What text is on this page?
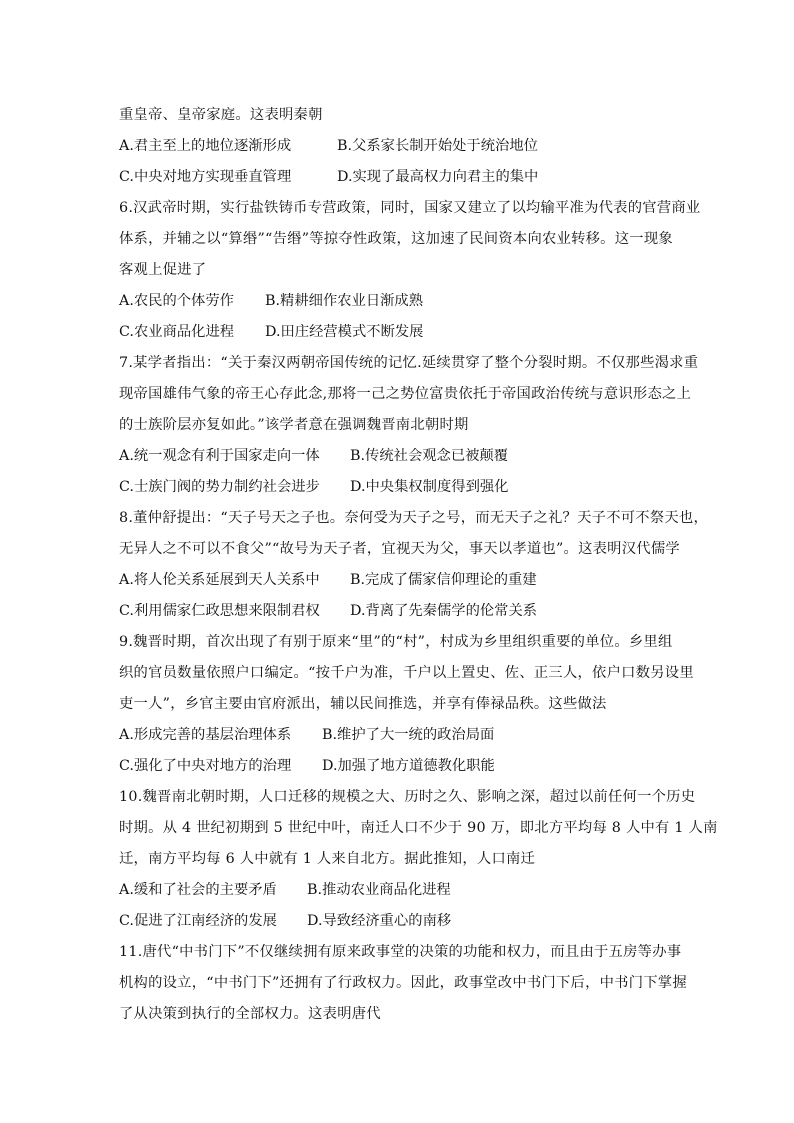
重皇帝、皇帝家庭。这表明秦朝
A.君主至上的地位逐渐形成	B.父系家长制开始处于统治地位
C.中央对地方实现垂直管理	D.实现了最高权力向君主的集中
6.汉武帝时期，实行盐铁铸币专营政策，同时，国家又建立了以均输平准为代表的官营商业
体系，并辅之以“算缗”“告缗”等掠夺性政策，这加速了民间资本向农业转移。这一现象
客观上促进了
A.农民的个体劳作 B.精耕细作农业日渐成熟
C.农业商品化进程 D.田庄经营模式不断发展
7.某学者指出：“关于秦汉两朝帝国传统的记忆.延续贯穿了整个分裂时期。不仅那些渴求重
现帝国雄伟气象的帝王心存此念,那将一己之势位富贵依托于帝国政治传统与意识形态之上
的士族阶层亦复如此。”该学者意在强调魏晋南北朝时期
A.统一观念有利于国家走向一体 B.传统社会观念已被颠覆
C.士族门阀的势力制约社会进步 D.中央集权制度得到强化
8.董仲舒提出：“天子号天之子也。奈何受为天子之号，而无天子之礼？天子不可不祭天也，
无异人之不可以不食父”“故号为天子者，宜视天为父，事天以孝道也”。这表明汉代儒学
A.将人伦关系延展到天人关系中 B.完成了儒家信仰理论的重建
C.利用儒家仁政思想来限制君权 D.背离了先秦儒学的伦常关系
9.魏晋时期，首次出现了有别于原来“里”的“村”，村成为乡里组织重要的单位。乡里组
织的官员数量依照户口编定。“按千户为准，千户以上置史、佐、正三人，依户口数另设里
吏一人”，乡官主要由官府派出，辅以民间推选，并享有俸禄品秩。这些做法
A.形成完善的基层治理体系 B.维护了大一统的政治局面
C.强化了中央对地方的治理 D.加强了地方道德教化职能
10.魏晋南北朝时期，人口迁移的规模之大、历时之久、影响之深，超过以前任何一个历史
时期。从 4 世纪初期到 5 世纪中叶，南迁人口不少于 90 万，即北方平均每 8 人中有 1 人南
迁，南方平均每 6 人中就有 1 人来自北方。据此推知，人口南迁
A.缓和了社会的主要矛盾 B.推动农业商品化进程
C.促进了江南经济的发展 D.导致经济重心的南移
11.唐代“中书门下”不仅继续拥有原来政事堂的决策的功能和权力，而且由于五房等办事
机构的设立，“中书门下”还拥有了行政权力。因此，政事堂改中书门下后，中书门下掌握
了从决策到执行的全部权力。这表明唐代
